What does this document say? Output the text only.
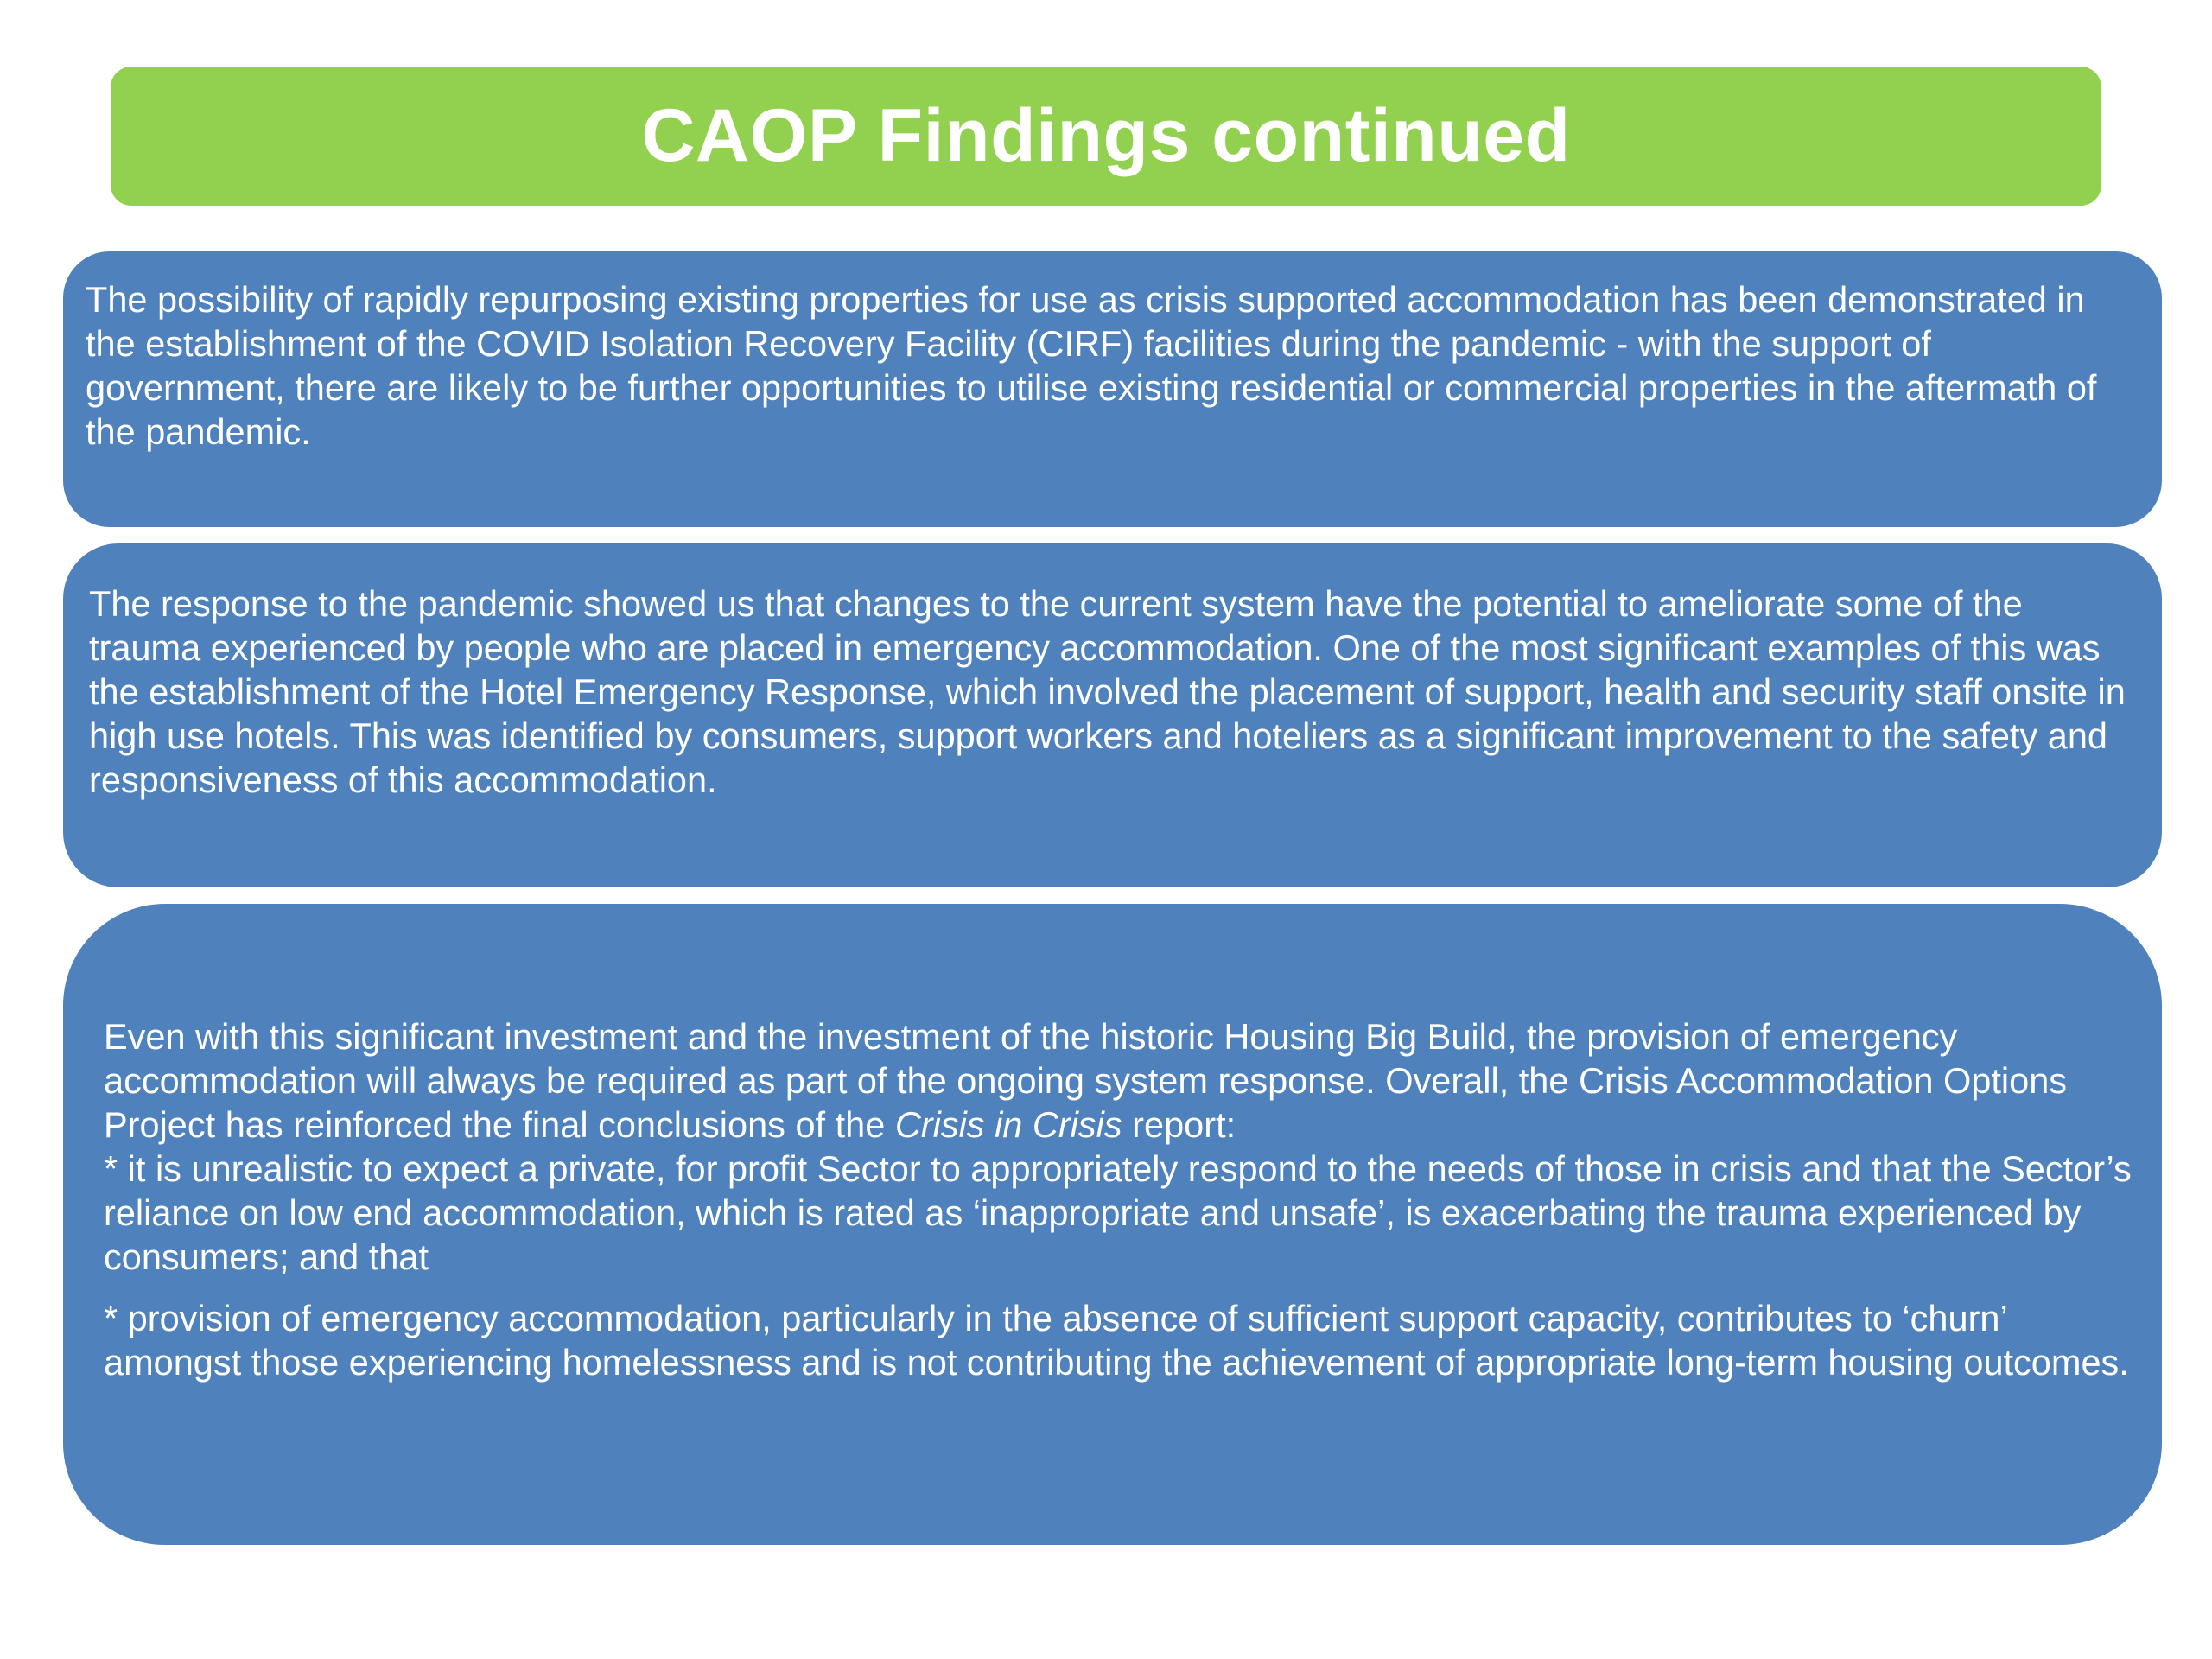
CAOP Findings continued

The possibility of rapidly repurposing existing properties for use as crisis supported accommodation has been demonstrated in the establishment of the COVID Isolation Recovery Facility (CIRF) facilities during the pandemic - with the support of government, there are likely to be further opportunities to utilise existing residential or commercial properties in the aftermath of the pandemic.

The response to the pandemic showed us that changes to the current system have the potential to ameliorate some of the trauma experienced by people who are placed in emergency accommodation. One of the most significant examples of this was the establishment of the Hotel Emergency Response, which involved the placement of support, health and security staff onsite in high use hotels. This was identified by consumers, support workers and hoteliers as a significant improvement to the safety and responsiveness of this accommodation.

Even with this significant investment and the investment of the historic Housing Big Build, the provision of emergency accommodation will always be required as part of the ongoing system response. Overall, the Crisis Accommodation Options Project has reinforced the final conclusions of the Crisis in Crisis report:

* it is unrealistic to expect a private, for profit Sector to appropriately respond to the needs of those in crisis and that the Sector’s reliance on low end accommodation, which is rated as ‘inappropriate and unsafe’, is exacerbating the trauma experienced by consumers; and that

* provision of emergency accommodation, particularly in the absence of sufficient support capacity, contributes to ‘churn’ amongst those experiencing homelessness and is not contributing the achievement of appropriate long-term housing outcomes.
